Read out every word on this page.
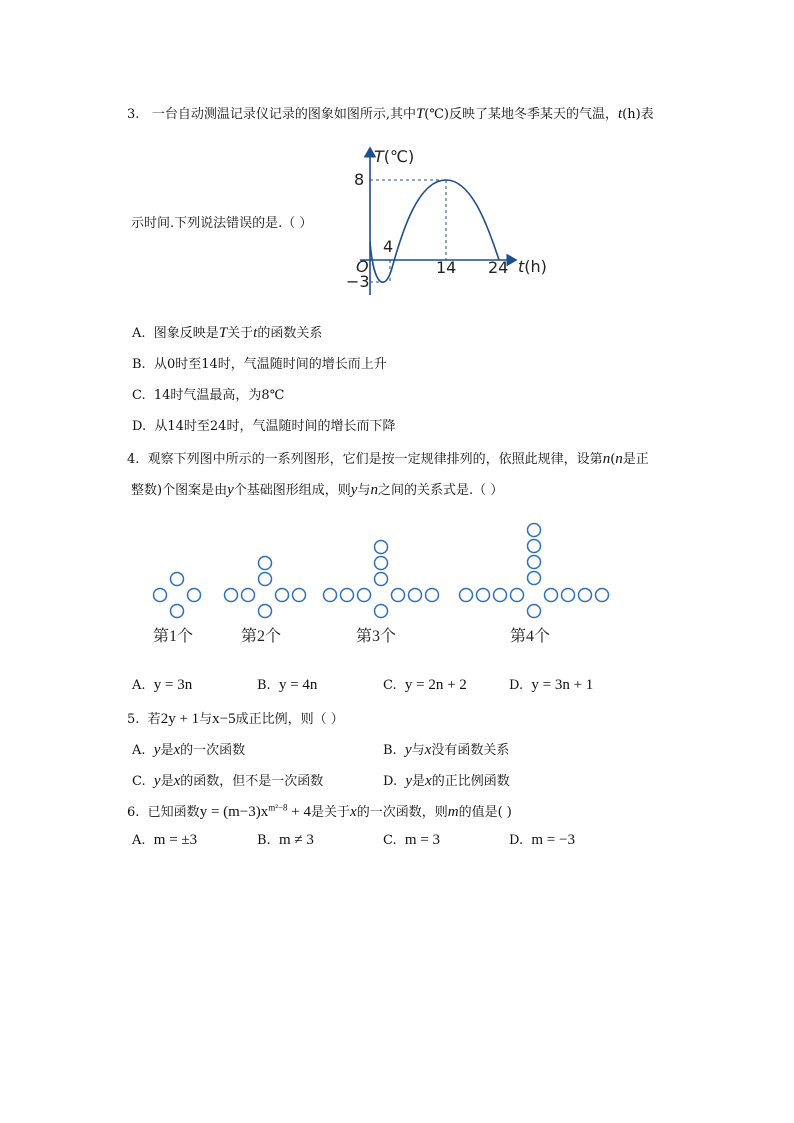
3. 一台自动测温记录仪记录的图象如图所示,其中T(℃)反映了某地冬季某天的气温，t(h)表
示时间.下列说法错误的是.（ ）
T(℃)
8
−3
O
4
14 24 t(h)
A. 图象反映是T关于t的函数关系
B. 从0时至14时，气温随时间的增长而上升
C. 14时气温最高，为8℃
D. 从14时至24时，气温随时间的增长而下降
4. 观察下列图中所示的一系列图形，它们是按一定规律排列的，依照此规律，设第n(n是正
整数)个图案是由y个基础图形组成，则y与n之间的关系式是.（ ）
第1个	第2个	第3个	第4个
A. y = 3n	B. y = 4n	C. y = 2n + 2	D. y = 3n + 1
5. 若2y + 1与x−5成正比例，则（ ）
A. y是x的一次函数	B. y与x没有函数关系
C. y是x的函数，但不是一次函数	D. y是x的正比例函数
6. 已知函数$y = (m-3)x^{m^2-8} + 4$是关于x的一次函数，则m的值是( )
A. m = ±3	B. m ≠ 3	C. m = 3	D. m = −3
